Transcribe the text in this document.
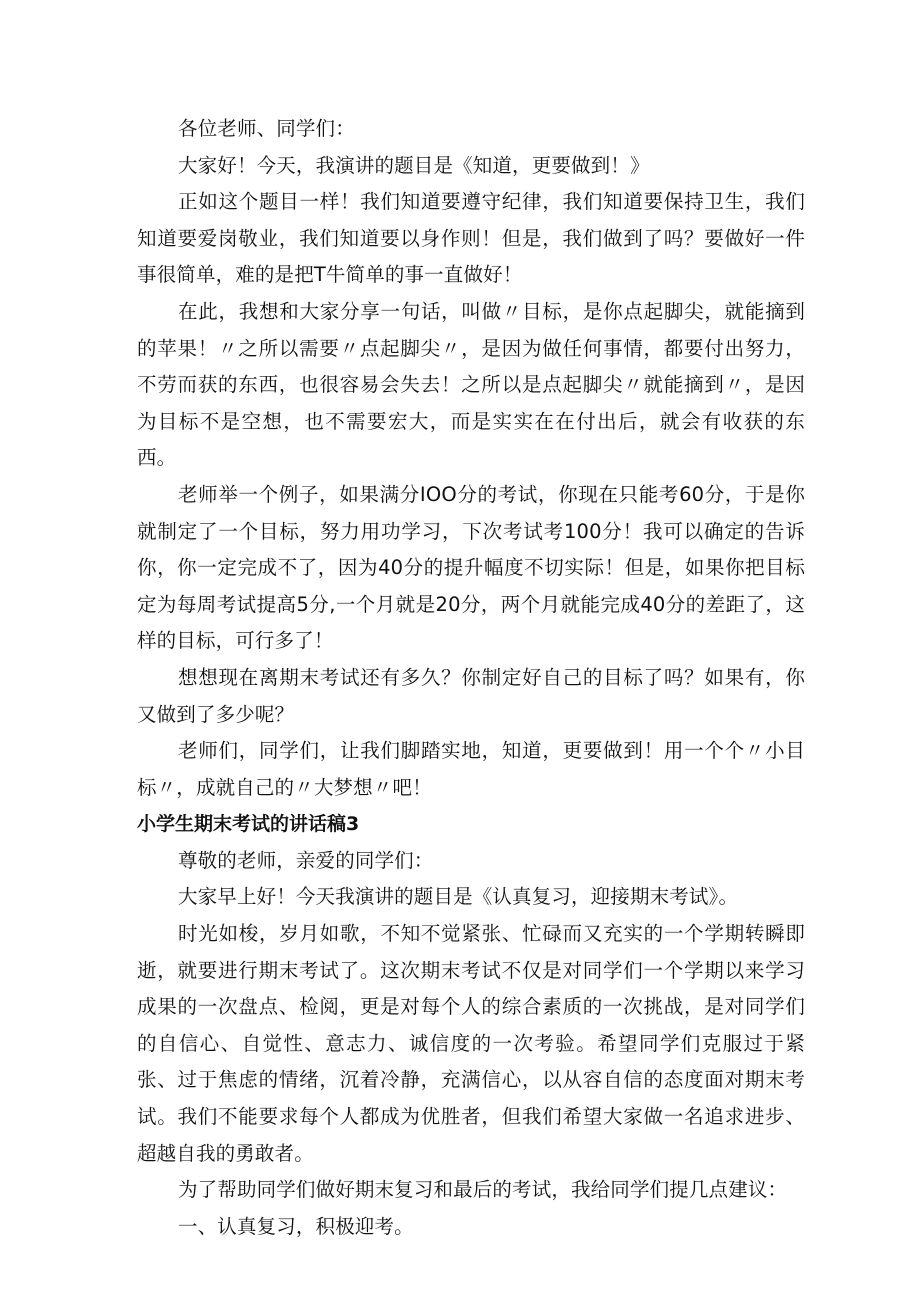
各位老师、同学们：

大家好！今天，我演讲的题目是《知道，更要做到！》

正如这个题目一样！我们知道要遵守纪律，我们知道要保持卫生，我们知道要爱岗敬业，我们知道要以身作则！但是，我们做到了吗？要做好一件事很简单，难的是把T牛简单的事一直做好！

在此，我想和大家分享一句话，叫做〃目标，是你点起脚尖，就能摘到的苹果！〃之所以需要〃点起脚尖〃，是因为做任何事情，都要付出努力，不劳而获的东西，也很容易会失去！之所以是点起脚尖〃就能摘到〃，是因为目标不是空想，也不需要宏大，而是实实在在付出后，就会有收获的东西。

老师举一个例子，如果满分IOO分的考试，你现在只能考60分，于是你就制定了一个目标，努力用功学习，下次考试考100分！我可以确定的告诉你，你一定完成不了，因为40分的提升幅度不切实际！但是，如果你把目标定为每周考试提高5分,一个月就是20分，两个月就能完成40分的差距了，这样的目标，可行多了！

想想现在离期末考试还有多久？你制定好自己的目标了吗？如果有，你又做到了多少呢？

老师们，同学们，让我们脚踏实地，知道，更要做到！用一个个〃小目标〃，成就自己的〃大梦想〃吧！

小学生期末考试的讲话稿3

尊敬的老师，亲爱的同学们：

大家早上好！今天我演讲的题目是《认真复习，迎接期末考试》。

时光如梭，岁月如歌，不知不觉紧张、忙碌而又充实的一个学期转瞬即逝，就要进行期末考试了。这次期末考试不仅是对同学们一个学期以来学习成果的一次盘点、检阅，更是对每个人的综合素质的一次挑战，是对同学们的自信心、自觉性、意志力、诚信度的一次考验。希望同学们克服过于紧张、过于焦虑的情绪，沉着冷静，充满信心，以从容自信的态度面对期末考试。我们不能要求每个人都成为优胜者，但我们希望大家做一名追求进步、超越自我的勇敢者。

为了帮助同学们做好期末复习和最后的考试，我给同学们提几点建议：

一、认真复习，积极迎考。
